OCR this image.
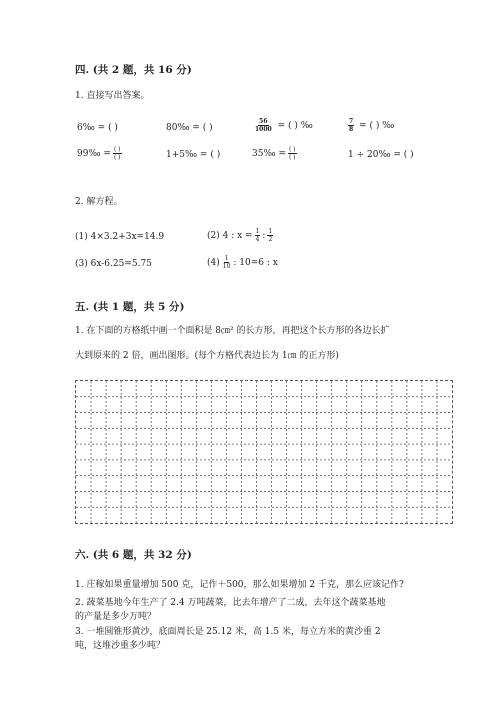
四. (共 2 题，共 16 分)
1. 直接写出答案。
6‰ = ( )	80‰ = ( )	$\frac{56}{1000}$ = ( ) ‰	$\frac{7}{8}$ = ( ) ‰
99‰ = $\frac{( )}{( )}$	1+5‰ = ( )	35‰ = $\frac{( )}{( )}$	1 ÷ 20‰ = ( )
2. 解方程。
(1) 4×3.2+3x=14.9	(2) 4 : $x = \frac{1}{4}$ : $\frac{1}{2}$
(3) 6x-6.25=5.75	$(4) \frac{1}{10}$ : 10=6 : x
五. (共 1 题，共 5 分)
1. 在下面的方格纸中画一个面积是 8㎝² 的长方形，再把这个长方形的各边长扩
大到原来的 2 倍，画出图形。(每个方格代表边长为 1㎝ 的正方形)
六. (共 6 题，共 32 分)
1. 庄稼如果重量增加 500 克，记作＋500，那么如果增加 2 千克，那么应该记作?
2. 蔬菜基地今年生产了 2.4 万吨蔬菜，比去年增产了二成，去年这个蔬菜基地
的产量是多少万吨？
3. 一堆圆锥形黄沙，底面周长是 25.12 米，高 1.5 米，每立方米的黄沙重 2
吨，这堆沙重多少吨？
